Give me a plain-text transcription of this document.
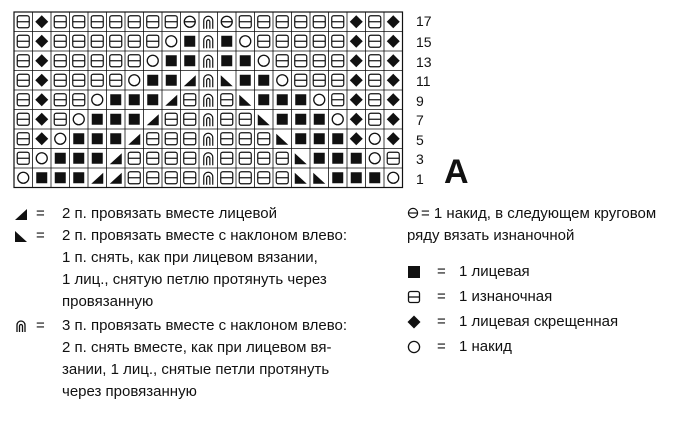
17
15
13
11
9
7
5
3
1 A
= 2 п. провязать вместе лицевой
= 2 п. провязать вместе с наклоном влево:
1 п. снять, как при лицевом вязании,
1 лиц., снятую петлю протянуть через
провязанную
= 3 п. провязать вместе с наклоном влево:
2 п. снять вместе, как при лицевом вя-
зании, 1 лиц., снятые петли протянуть
через провязанную
= 1 накид, в следующем круговом
ряду вязать изнаночной
= 1 лицевая
= 1 изнаночная
= 1 лицевая скрещенная
= 1 накид
